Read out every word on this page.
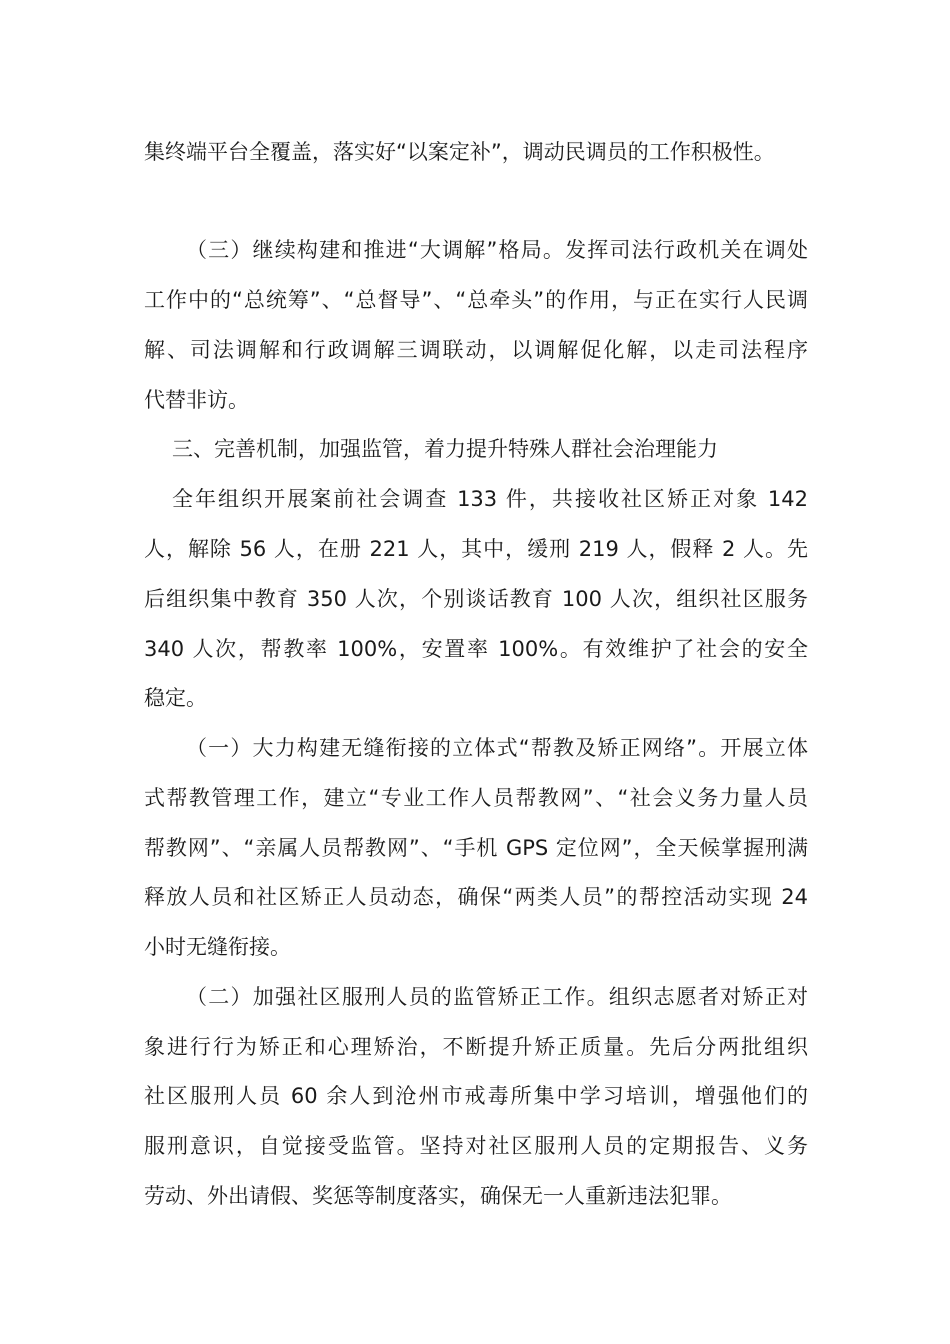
集终端平台全覆盖，落实好“以案定补”，调动民调员的工作积极性。
（三）继续构建和推进“大调解”格局。发挥司法行政机关在调处
工作中的“总统筹”、“总督导”、“总牵头”的作用，与正在实行人民调
解、司法调解和行政调解三调联动，以调解促化解，以走司法程序
代替非访。
三、完善机制，加强监管，着力提升特殊人群社会治理能力
全年组织开展案前社会调查 133 件，共接收社区矫正对象 142
人，解除 56 人，在册 221 人，其中，缓刑 219 人，假释 2 人。先
后组织集中教育 350 人次，个别谈话教育 100 人次，组织社区服务
340 人次，帮教率 100%，安置率 100%。有效维护了社会的安全
稳定。
（一）大力构建无缝衔接的立体式“帮教及矫正网络”。开展立体
式帮教管理工作，建立“专业工作人员帮教网”、“社会义务力量人员
帮教网”、“亲属人员帮教网”、“手机 GPS 定位网”，全天候掌握刑满
释放人员和社区矫正人员动态，确保“两类人员”的帮控活动实现 24
小时无缝衔接。
（二）加强社区服刑人员的监管矫正工作。组织志愿者对矫正对
象进行行为矫正和心理矫治，不断提升矫正质量。先后分两批组织
社区服刑人员 60 余人到沧州市戒毒所集中学习培训，增强他们的
服刑意识，自觉接受监管。坚持对社区服刑人员的定期报告、义务
劳动、外出请假、奖惩等制度落实，确保无一人重新违法犯罪。
